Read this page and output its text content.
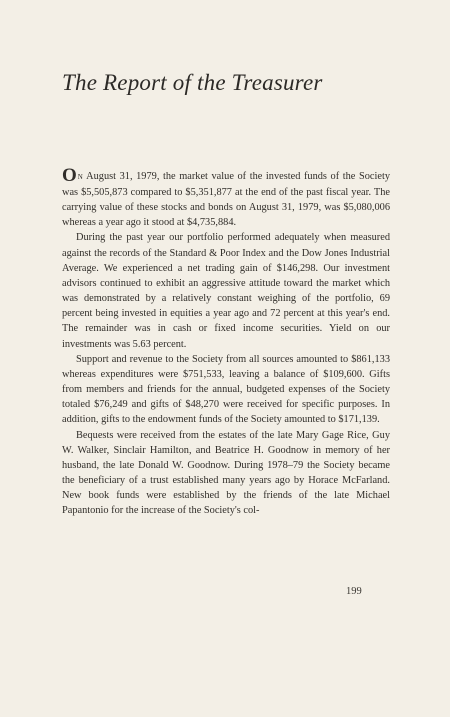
The Report of the Treasurer

On August 31, 1979, the market value of the invested funds of the Society was $5,505,873 compared to $5,351,877 at the end of the past fiscal year. The carrying value of these stocks and bonds on August 31, 1979, was $5,080,006 whereas a year ago it stood at $4,735,884.

During the past year our portfolio performed adequately when measured against the records of the Standard & Poor Index and the Dow Jones Industrial Average. We experienced a net trading gain of $146,298. Our investment advisors continued to exhibit an aggressive attitude toward the market which was demonstrated by a relatively constant weighing of the portfolio, 69 percent being invested in equities a year ago and 72 percent at this year's end. The remainder was in cash or fixed income securities. Yield on our investments was 5.63 percent.

Support and revenue to the Society from all sources amounted to $861,133 whereas expenditures were $751,533, leaving a balance of $109,600. Gifts from members and friends for the annual, budgeted expenses of the Society totaled $76,249 and gifts of $48,270 were received for specific purposes. In addition, gifts to the endowment funds of the Society amounted to $171,139.

Bequests were received from the estates of the late Mary Gage Rice, Guy W. Walker, Sinclair Hamilton, and Beatrice H. Goodnow in memory of her husband, the late Donald W. Goodnow. During 1978–79 the Society became the beneficiary of a trust established many years ago by Horace McFarland. New book funds were established by the friends of the late Michael Papantonio for the increase of the Society's col-

199
